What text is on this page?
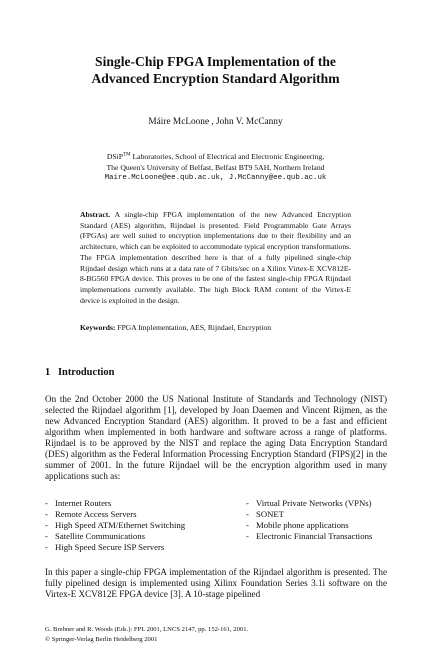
Single-Chip FPGA Implementation of the
Advanced Encryption Standard Algorithm
Máire McLoone , John V. McCanny
DSiP™ Laboratories, School of Electrical and Electronic Engineering,
The Queen's University of Belfast, Belfast BT9 5AH, Northern Ireland
Maire.McLoone@ee.qub.ac.uk, J.McCanny@ee.qub.ac.uk
Abstract. A single-chip FPGA implementation of the new Advanced Encryption Standard (AES) algorithm, Rijndael is presented. Field Programmable Gate Arrays (FPGAs) are well suited to encryption implementations due to their flexibility and an architecture, which can be exploited to accommodate typical encryption transformations. The FPGA implementation described here is that of a fully pipelined single-chip Rijndael design which runs at a data rate of 7 Gbits/sec on a Xilinx Virtex-E XCV812E-8-BG560 FPGA device. This proves to be one of the fastest single-chip FPGA Rijndael implementations currently available. The high Block RAM content of the Virtex-E device is exploited in the design.
Keywords: FPGA Implementation, AES, Rijndael, Encryption
1 Introduction
On the 2nd October 2000 the US National Institute of Standards and Technology (NIST) selected the Rijndael algorithm [1], developed by Joan Daemen and Vincent Rijmen, as the new Advanced Encryption Standard (AES) algorithm. It proved to be a fast and efficient algorithm when implemented in both hardware and software across a range of platforms. Rijndael is to be approved by the NIST and replace the aging Data Encryption Standard (DES) algorithm as the Federal Information Processing Encryption Standard (FIPS)[2] in the summer of 2001. In the future Rijndael will be the encryption algorithm used in many applications such as:
- Internet Routers
- Remote Access Servers
- High Speed ATM/Ethernet Switching
- Satellite Communications
- High Speed Secure ISP Servers
- Virtual Private Networks (VPNs)
- SONET
- Mobile phone applications
- Electronic Financial Transactions
In this paper a single-chip FPGA implementation of the Rijndael algorithm is presented. The fully pipelined design is implemented using Xilinx Foundation Series 3.1i software on the Virtex-E XCV812E FPGA device [3]. A 10-stage pipelined
G. Brebner and R. Woods (Eds.): FPL 2001, LNCS 2147, pp. 152-161, 2001.
© Springer-Verlag Berlin Heidelberg 2001
